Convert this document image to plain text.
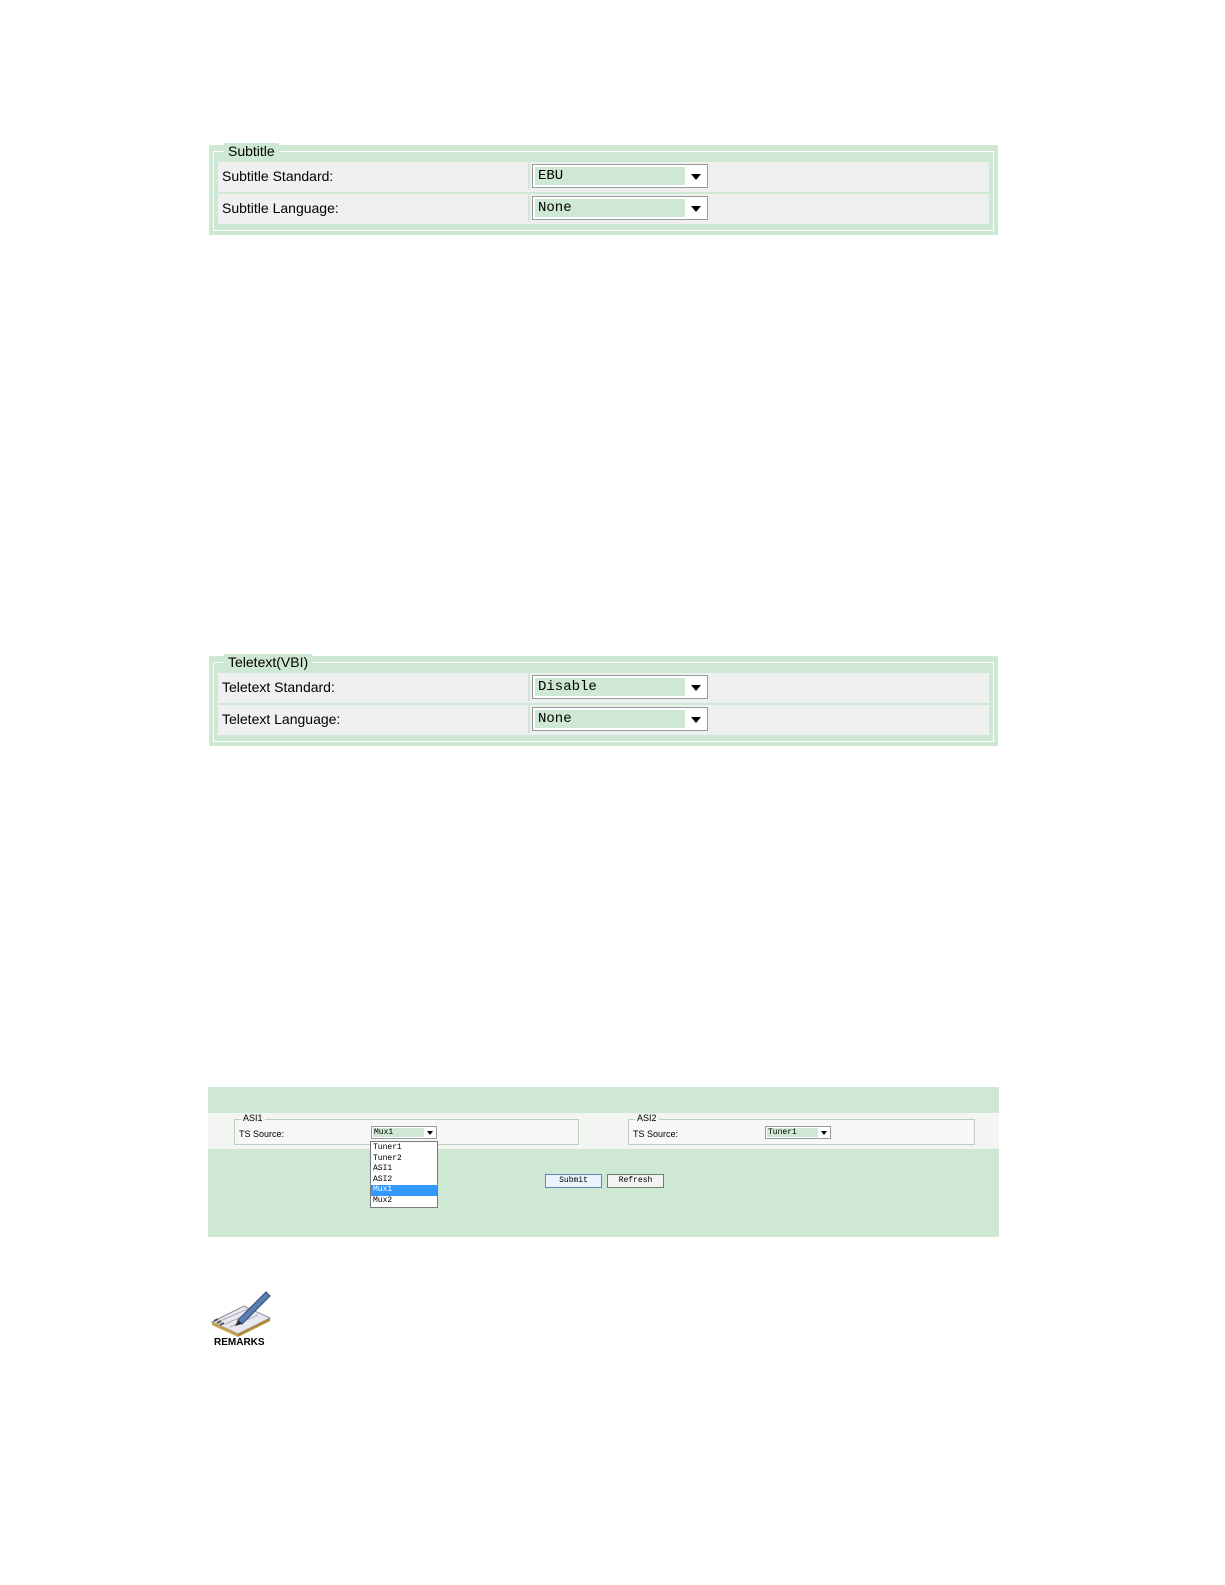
Subtitle
Subtitle Standard:	EBU
Subtitle Language:	None
Teletext(VBI)
Teletext Standard:	Disable
Teletext Language:	None
ASI1
TS Source:	Mux1
ASI2
TS Source:	Tuner1
Tuner1
Tuner2
ASI1
ASI2
Mux1
Mux2
Submit	Refresh
REMARKS
